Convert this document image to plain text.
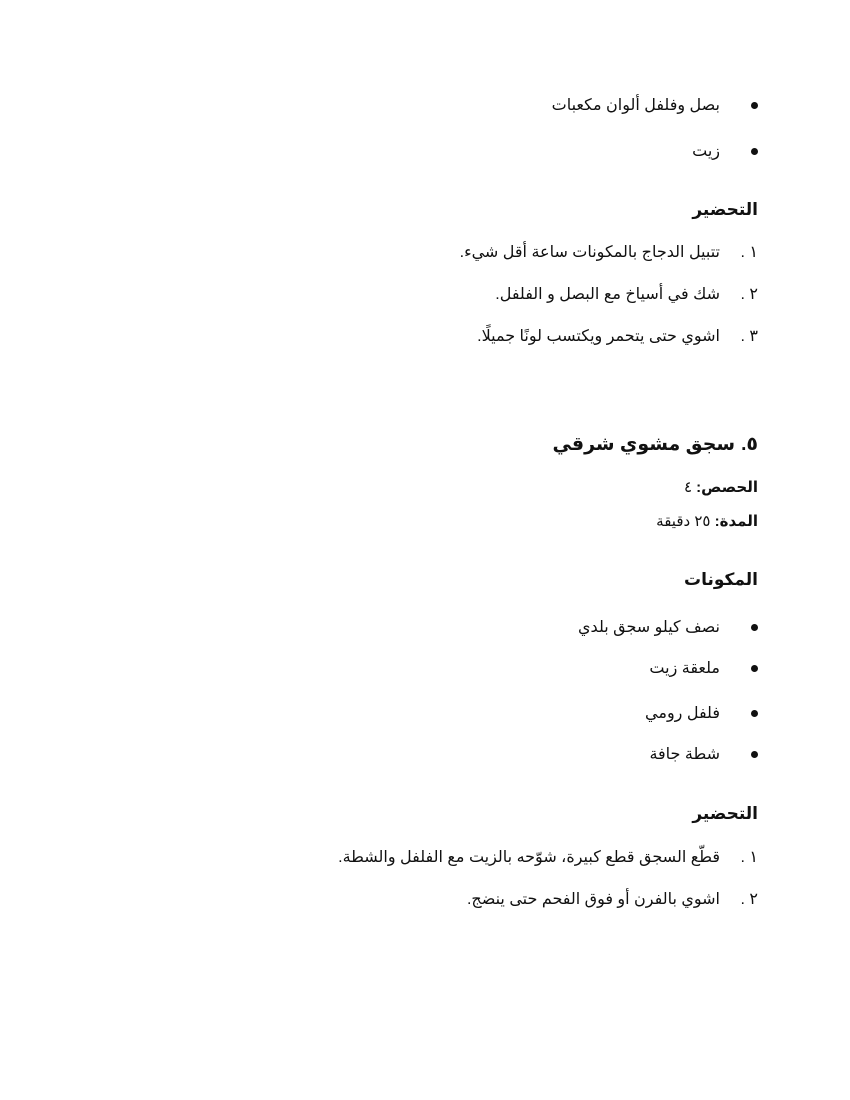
بصل وفلفل ألوان مكعبات
زيت
التحضير
١ .
تتبيل الدجاج بالمكونات ساعة أقل شيء.
٢ .
شك في أسياخ مع البصل و الفلفل.
٣ .
اشوي حتى يتحمر ويكتسب لونًا جميلًا.
٥.
سجق مشوي شرقي
الحصص: ٤
المدة: ٢٥ دقيقة
المكونات
نصف كيلو سجق بلدي
ملعقة زيت
فلفل رومي
شطة جافة
التحضير
١ .
قطّع السجق قطع كبيرة، شوّحه بالزيت مع الفلفل والشطة.
٢ .
اشوي بالفرن أو فوق الفحم حتى ينضج.
